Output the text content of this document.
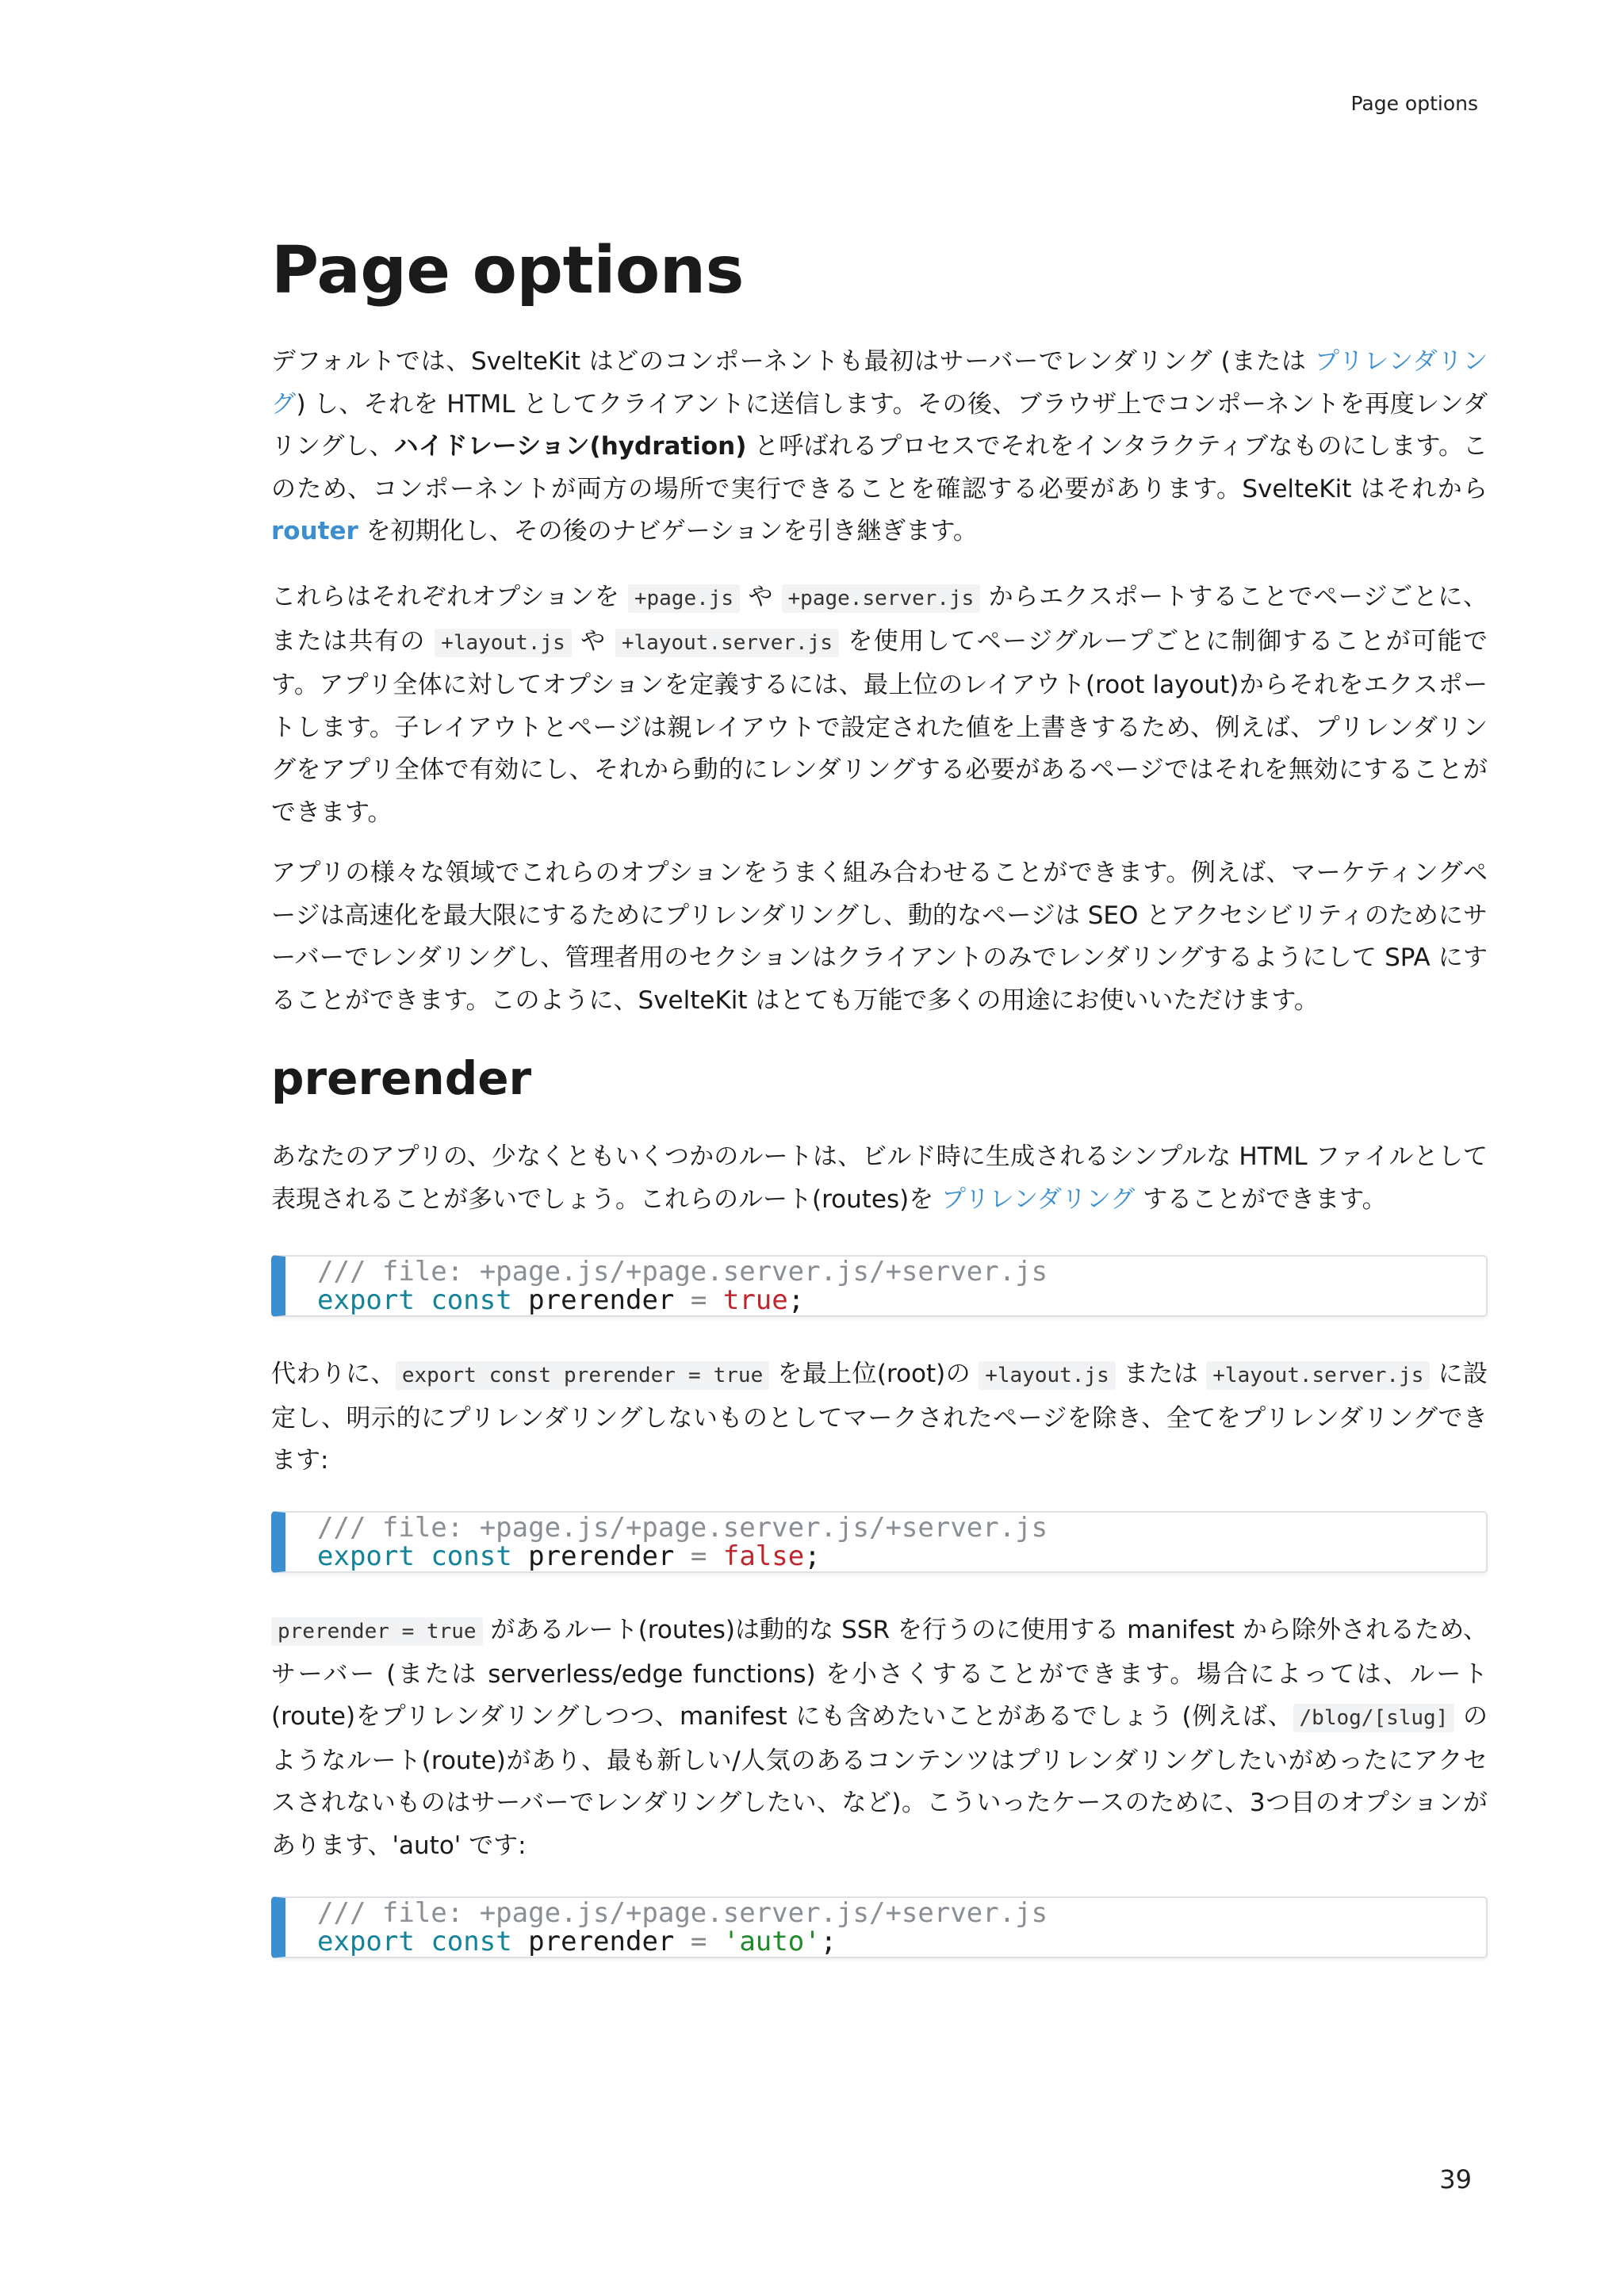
Page options
Page options

デフォルトでは、SvelteKit はどのコンポーネントも最初はサーバーでレンダリング (または プリレンダリング) し、それを HTML としてクライアントに送信します。その後、ブラウザ上でコンポーネントを再度レンダリングし、ハイドレーション(hydration) と呼ばれるプロセスでそれをインタラクティブなものにします。このため、コンポーネントが両方の場所で実行できることを確認する必要があります。SvelteKit はそれから router を初期化し、その後のナビゲーションを引き継ぎます。

これらはそれぞれオプションを +page.js や +page.server.js からエクスポートすることでページごとに、または共有の +layout.js や +layout.server.js を使用してページグループごとに制御することが可能です。アプリ全体に対してオプションを定義するには、最上位のレイアウト(root layout)からそれをエクスポートします。子レイアウトとページは親レイアウトで設定された値を上書きするため、例えば、プリレンダリングをアプリ全体で有効にし、それから動的にレンダリングする必要があるページではそれを無効にすることができます。

アプリの様々な領域でこれらのオプションをうまく組み合わせることができます。例えば、マーケティングページは高速化を最大限にするためにプリレンダリングし、動的なページは SEO とアクセシビリティのためにサーバーでレンダリングし、管理者用のセクションはクライアントのみでレンダリングするようにして SPA にすることができます。このように、SvelteKit はとても万能で多くの用途にお使いいただけます。

prerender

あなたのアプリの、少なくともいくつかのルートは、ビルド時に生成されるシンプルな HTML ファイルとして表現されることが多いでしょう。これらのルート(routes)を プリレンダリング することができます。

/// file: +page.js/+page.server.js/+server.js
export const prerender = true;

代わりに、 export const prerender = true を最上位(root)の +layout.js または +layout.server.js に設定し、明示的にプリレンダリングしないものとしてマークされたページを除き、全てをプリレンダリングできます:

/// file: +page.js/+page.server.js/+server.js
export const prerender = false;

prerender = true があるルート(routes)は動的な SSR を行うのに使用する manifest から除外されるため、サーバー (または serverless/edge functions) を小さくすることができます。場合によっては、ルート(route)をプリレンダリングしつつ、manifest にも含めたいことがあるでしょう (例えば、 /blog/[slug] のようなルート(route)があり、最も新しい/人気のあるコンテンツはプリレンダリングしたいがめったにアクセスされないものはサーバーでレンダリングしたい、など)。こういったケースのために、3つ目のオプションがあります、'auto' です:

/// file: +page.js/+page.server.js/+server.js
export const prerender = 'auto';
39
